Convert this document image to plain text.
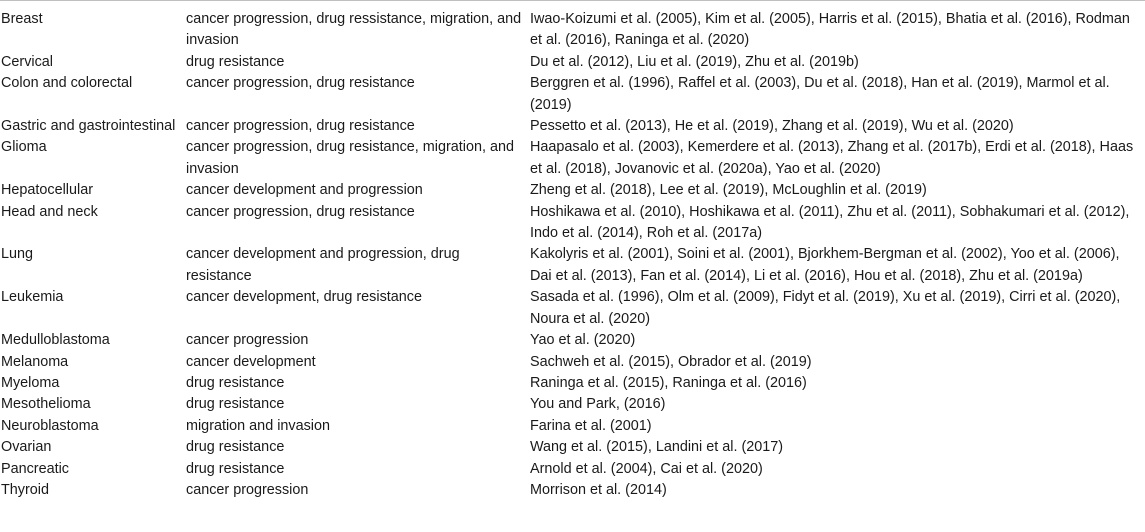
Breast	cancer progression, drug ressistance, migration, and invasion	Iwao-Koizumi et al. (2005), Kim et al. (2005), Harris et al. (2015), Bhatia et al. (2016), Rodman et al. (2016), Raninga et al. (2020)
Cervical	drug resistance	Du et al. (2012), Liu et al. (2019), Zhu et al. (2019b)
Colon and colorectal	cancer progression, drug resistance	Berggren et al. (1996), Raffel et al. (2003), Du et al. (2018), Han et al. (2019), Marmol et al. (2019)
Gastric and gastrointestinal	cancer progression, drug resistance	Pessetto et al. (2013), He et al. (2019), Zhang et al. (2019), Wu et al. (2020)
Glioma	cancer progression, drug resistance, migration, and invasion	Haapasalo et al. (2003), Kemerdere et al. (2013), Zhang et al. (2017b), Erdi et al. (2018), Haas et al. (2018), Jovanovic et al. (2020a), Yao et al. (2020)
Hepatocellular	cancer development and progression	Zheng et al. (2018), Lee et al. (2019), McLoughlin et al. (2019)
Head and neck	cancer progression, drug resistance	Hoshikawa et al. (2010), Hoshikawa et al. (2011), Zhu et al. (2011), Sobhakumari et al. (2012), Indo et al. (2014), Roh et al. (2017a)
Lung	cancer development and progression, drug resistance	Kakolyris et al. (2001), Soini et al. (2001), Bjorkhem-Bergman et al. (2002), Yoo et al. (2006), Dai et al. (2013), Fan et al. (2014), Li et al. (2016), Hou et al. (2018), Zhu et al. (2019a)
Leukemia	cancer development, drug resistance	Sasada et al. (1996), Olm et al. (2009), Fidyt et al. (2019), Xu et al. (2019), Cirri et al. (2020), Noura et al. (2020)
Medulloblastoma	cancer progression	Yao et al. (2020)
Melanoma	cancer development	Sachweh et al. (2015), Obrador et al. (2019)
Myeloma	drug resistance	Raninga et al. (2015), Raninga et al. (2016)
Mesothelioma	drug resistance	You and Park, (2016)
Neuroblastoma	migration and invasion	Farina et al. (2001)
Ovarian	drug resistance	Wang et al. (2015), Landini et al. (2017)
Pancreatic	drug resistance	Arnold et al. (2004), Cai et al. (2020)
Thyroid	cancer progression	Morrison et al. (2014)
